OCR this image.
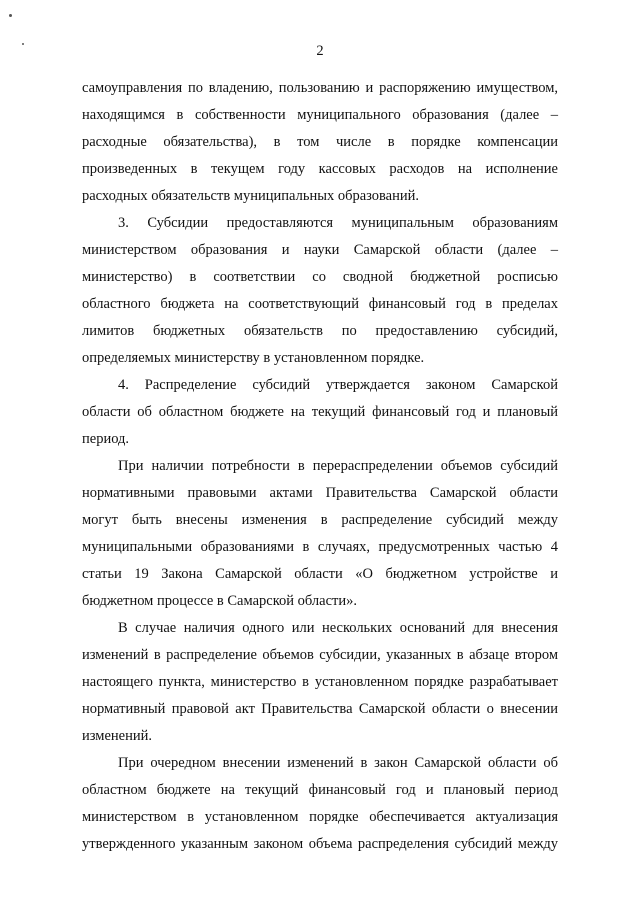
2
самоуправления по владению, пользованию и распоряжению имуществом,
находящимся в собственности муниципального образования (далее –
расходные обязательства), в том числе в порядке компенсации
произведенных в текущем году кассовых расходов на исполнение
расходных обязательств муниципальных образований.
3. Субсидии предоставляются муниципальным образованиям
министерством образования и науки Самарской области (далее –
министерство) в соответствии со сводной бюджетной росписью
областного бюджета на соответствующий финансовый год в пределах
лимитов бюджетных обязательств по предоставлению субсидий,
определяемых министерству в установленном порядке.
4. Распределение субсидий утверждается законом Самарской
области об областном бюджете на текущий финансовый год и плановый
период.
При наличии потребности в перераспределении объемов субсидий
нормативными правовыми актами Правительства Самарской области
могут быть внесены изменения в распределение субсидий между
муниципальными образованиями в случаях, предусмотренных частью 4
статьи 19 Закона Самарской области «О бюджетном устройстве и
бюджетном процессе в Самарской области».
В случае наличия одного или нескольких оснований для внесения
изменений в распределение объемов субсидии, указанных в абзаце втором
настоящего пункта, министерство в установленном порядке разрабатывает
нормативный правовой акт Правительства Самарской области о внесении
изменений.
При очередном внесении изменений в закон Самарской области об
областном бюджете на текущий финансовый год и плановый период
министерством в установленном порядке обеспечивается актуализация
утвержденного указанным законом объема распределения субсидий между
